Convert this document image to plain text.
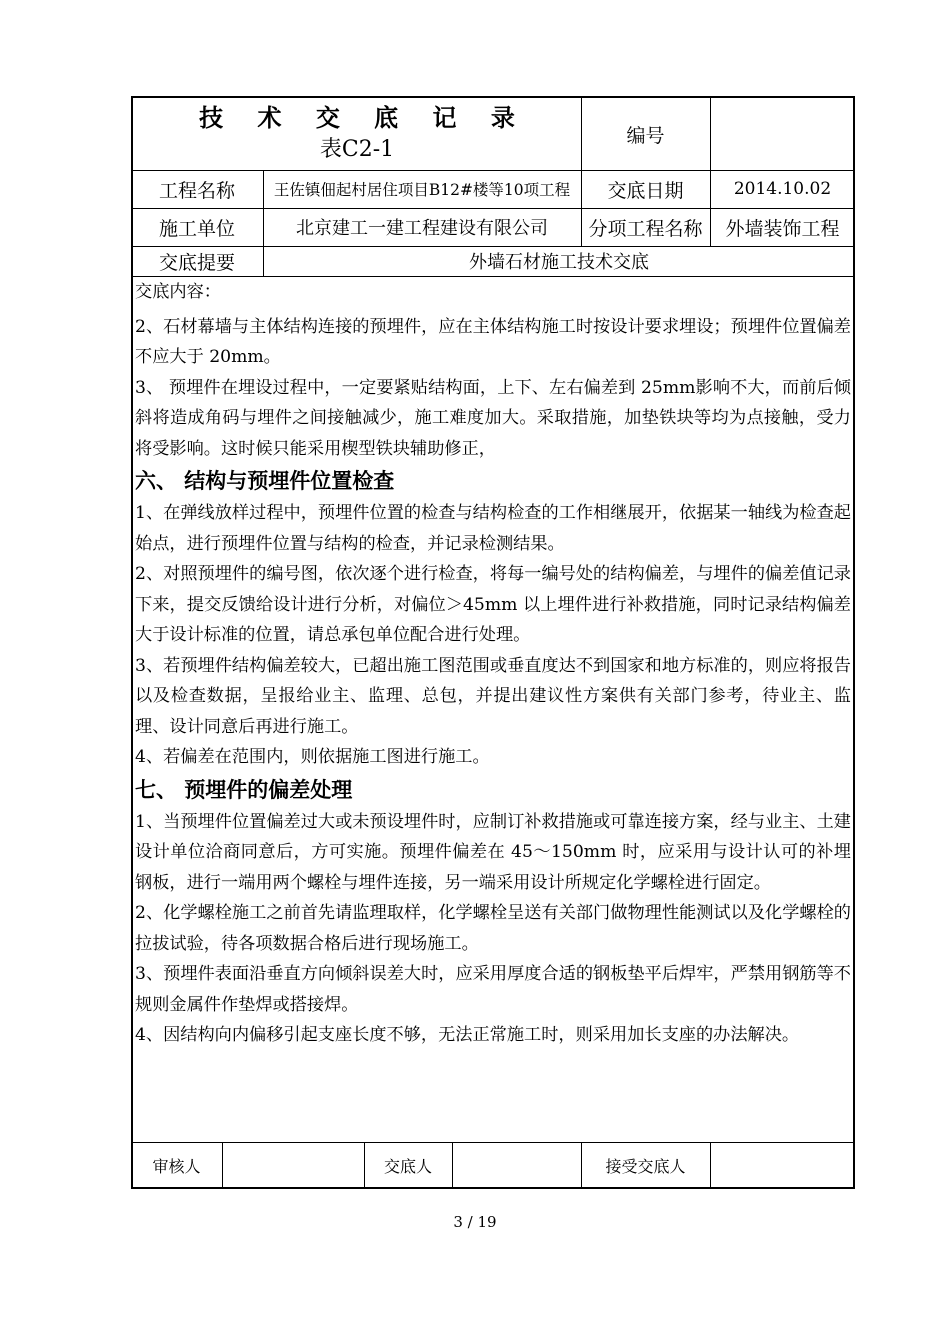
技 术 交 底 记 录
表C2-1
编号
工程名称	王佐镇佃起村居住项目B12#楼等10项工程	交底日期	2014.10.02
施工单位	北京建工一建工程建设有限公司	分项工程名称	外墙装饰工程
交底提要	外墙石材施工技术交底

交底内容：

2、石材幕墙与主体结构连接的预埋件，应在主体结构施工时按设计要求埋设；预埋件位置偏差不应大于 20mm。

3、 预埋件在埋设过程中，一定要紧贴结构面，上下、左右偏差到 25mm影响不大，而前后倾斜将造成角码与埋件之间接触减少，施工难度加大。采取措施，加垫铁块等均为点接触，受力将受影响。这时候只能采用楔型铁块辅助修正，

六、 结构与预埋件位置检查

1、在弹线放样过程中，预埋件位置的检查与结构检查的工作相继展开，依据某一轴线为检查起始点，进行预埋件位置与结构的检查，并记录检测结果。

2、对照预埋件的编号图，依次逐个进行检查，将每一编号处的结构偏差，与埋件的偏差值记录下来，提交反馈给设计进行分析，对偏位＞45mm 以上埋件进行补救措施，同时记录结构偏差大于设计标准的位置，请总承包单位配合进行处理。

3、若预埋件结构偏差较大，已超出施工图范围或垂直度达不到国家和地方标准的，则应将报告以及检查数据，呈报给业主、监理、总包，并提出建议性方案供有关部门参考，待业主、监理、设计同意后再进行施工。

4、若偏差在范围内，则依据施工图进行施工。

七、 预埋件的偏差处理

1、当预埋件位置偏差过大或未预设埋件时，应制订补救措施或可靠连接方案，经与业主、土建设计单位洽商同意后，方可实施。预埋件偏差在 45～150mm 时，应采用与设计认可的补埋钢板，进行一端用两个螺栓与埋件连接，另一端采用设计所规定化学螺栓进行固定。

2、化学螺栓施工之前首先请监理取样，化学螺栓呈送有关部门做物理性能测试以及化学螺栓的拉拔试验，待各项数据合格后进行现场施工。

3、预埋件表面沿垂直方向倾斜误差大时，应采用厚度合适的钢板垫平后焊牢，严禁用钢筋等不规则金属件作垫焊或搭接焊。

4、因结构向内偏移引起支座长度不够，无法正常施工时，则采用加长支座的办法解决。

审核人	交底人	接受交底人
3 / 19
